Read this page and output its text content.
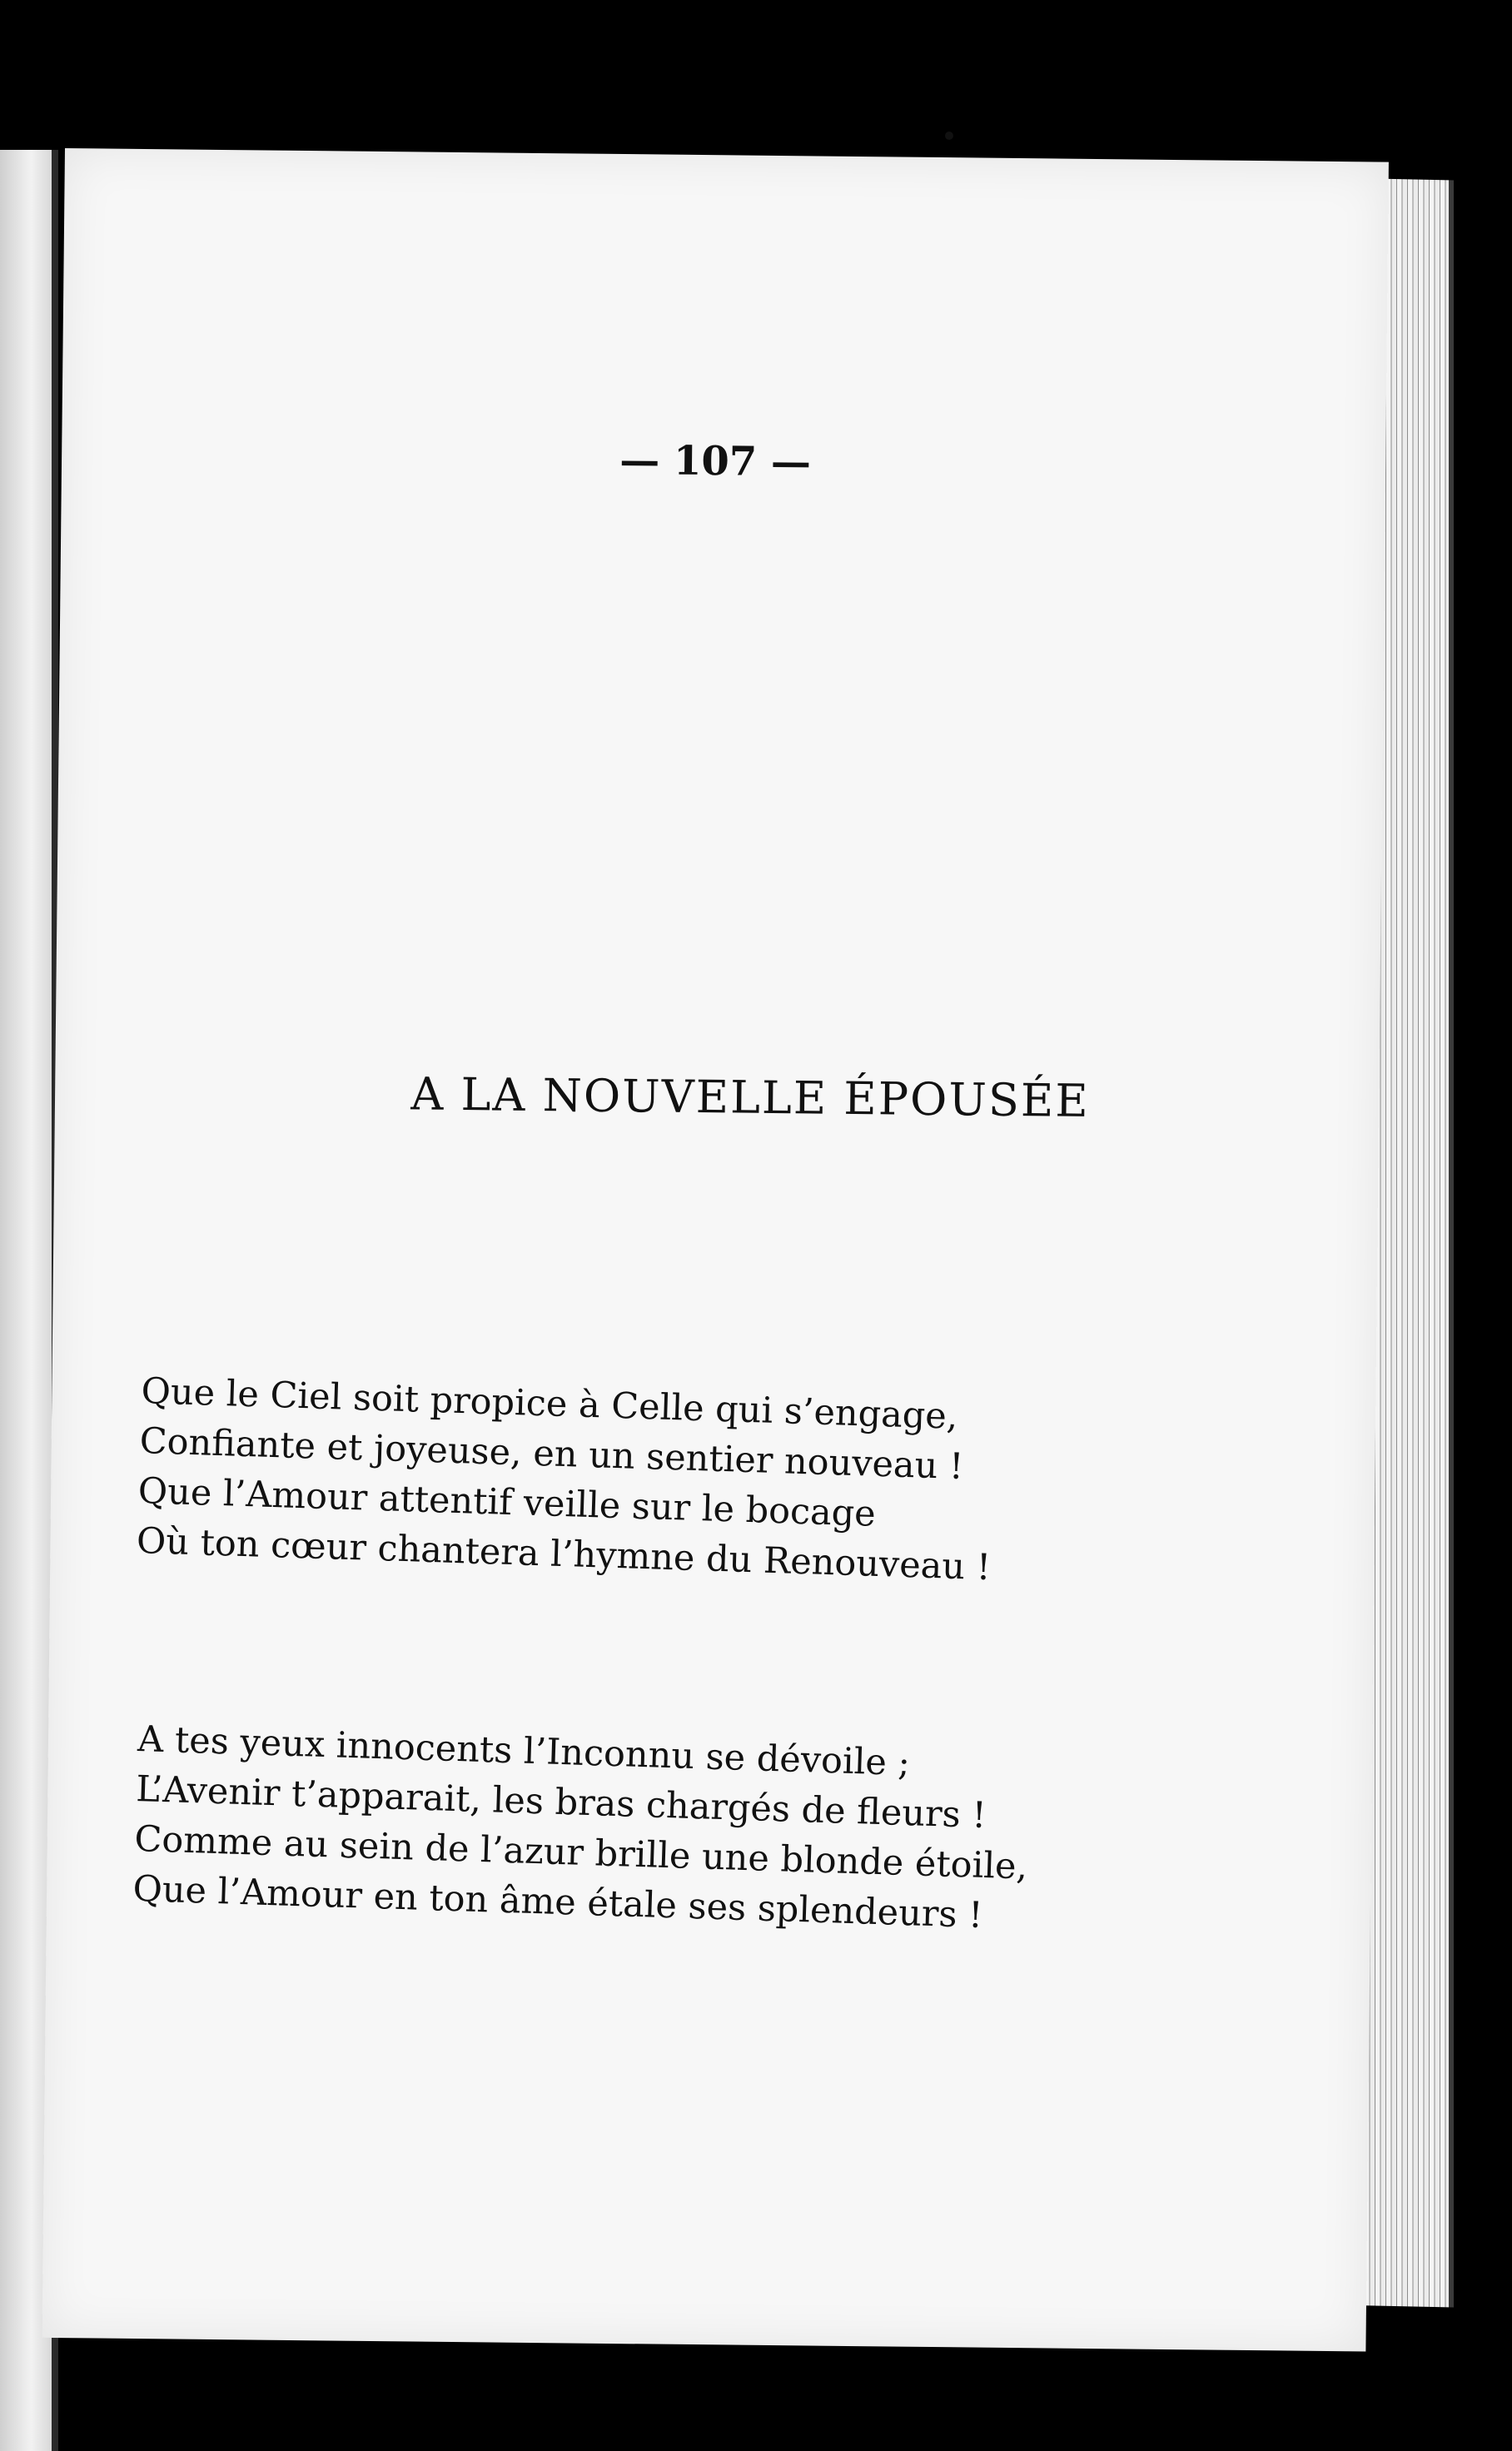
— 107 —
A LA NOUVELLE ÉPOUSÉE
Que le Ciel soit propice à Celle qui s’engage,
Confiante et joyeuse, en un sentier nouveau !
Que l’Amour attentif veille sur le bocage
Où ton cœur chantera l’hymne du Renouveau !
A tes yeux innocents l’Inconnu se dévoile ;
L’Avenir t’apparait, les bras chargés de fleurs !
Comme au sein de l’azur brille une blonde étoile,
Que l’Amour en ton âme étale ses splendeurs !
